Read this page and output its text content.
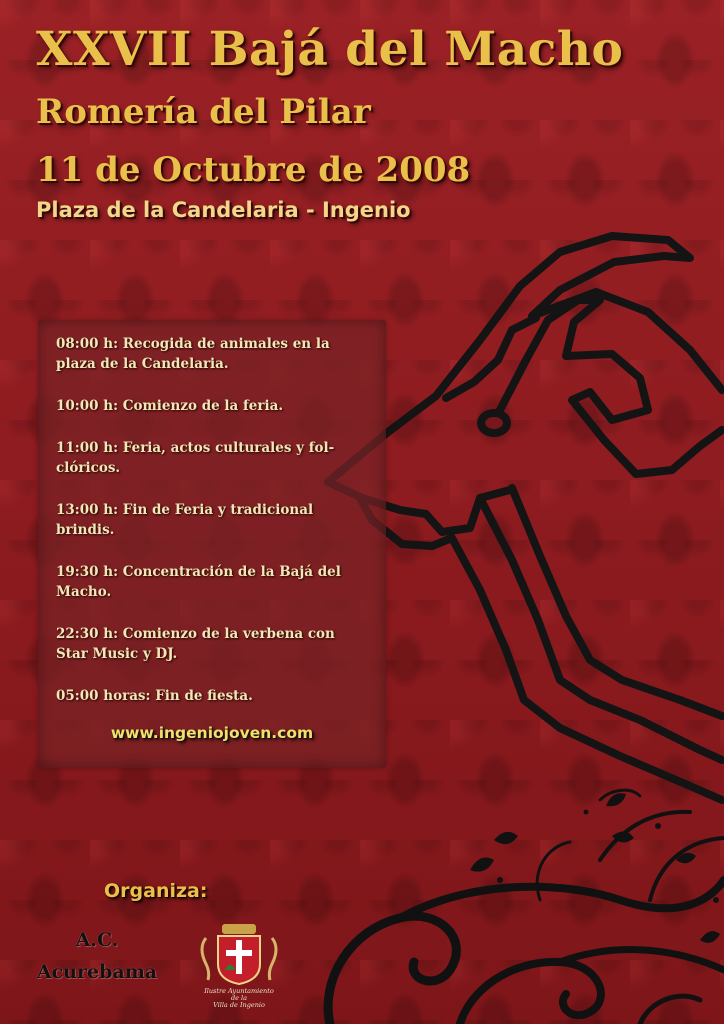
XXVII Bajá del Macho
Romería del Pilar
11 de Octubre de 2008
Plaza de la Candelaria - Ingenio
08:00 h: Recogida de animales en la
plaza de la Candelaria.
10:00 h: Comienzo de la feria.
11:00 h: Feria, actos culturales y fol-
clóricos.
13:00 h: Fin de Feria y tradicional
brindis.
19:30 h: Concentración de la Bajá del
Macho.
22:30 h: Comienzo de la verbena con
Star Music y DJ.
05:00 horas: Fin de fiesta.
www.ingeniojoven.com
Organiza:
A.C.
Acurebama
Ilustre Ayuntamiento
de la
Villa de Ingenio
